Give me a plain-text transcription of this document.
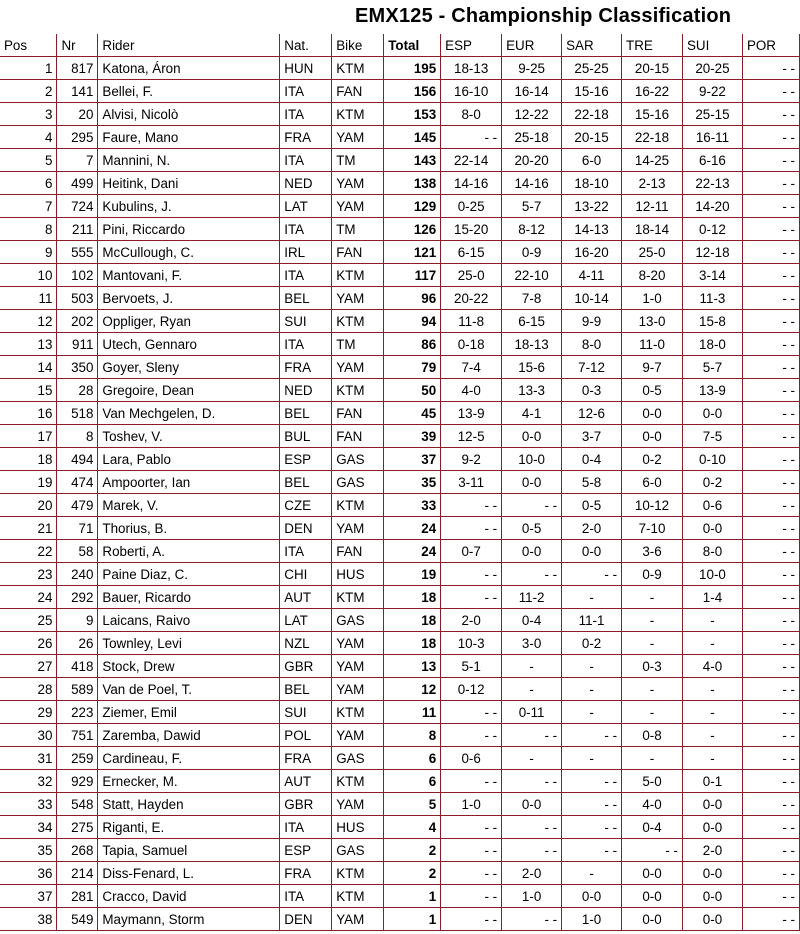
EMX125 - Championship Classification
Pos	Nr	Rider	Nat.	Bike	Total	ESP	EUR	SAR	TRE	SUI	POR
1	817	Katona, Áron	HUN	KTM	195	18-13	9-25	25-25	20-15	20-25	- -
2	141	Bellei, F.	ITA	FAN	156	16-10	16-14	15-16	16-22	9-22	- -
3	20	Alvisi, Nicolò	ITA	KTM	153	8-0	12-22	22-18	15-16	25-15	- -
4	295	Faure, Mano	FRA	YAM	145	- -	25-18	20-15	22-18	16-11	- -
5	7	Mannini, N.	ITA	TM	143	22-14	20-20	6-0	14-25	6-16	- -
6	499	Heitink, Dani	NED	YAM	138	14-16	14-16	18-10	2-13	22-13	- -
7	724	Kubulins, J.	LAT	YAM	129	0-25	5-7	13-22	12-11	14-20	- -
8	211	Pini, Riccardo	ITA	TM	126	15-20	8-12	14-13	18-14	0-12	- -
9	555	McCullough, C.	IRL	FAN	121	6-15	0-9	16-20	25-0	12-18	- -
10	102	Mantovani, F.	ITA	KTM	117	25-0	22-10	4-11	8-20	3-14	- -
11	503	Bervoets, J.	BEL	YAM	96	20-22	7-8	10-14	1-0	11-3	- -
12	202	Oppliger, Ryan	SUI	KTM	94	11-8	6-15	9-9	13-0	15-8	- -
13	911	Utech, Gennaro	ITA	TM	86	0-18	18-13	8-0	11-0	18-0	- -
14	350	Goyer, Sleny	FRA	YAM	79	7-4	15-6	7-12	9-7	5-7	- -
15	28	Gregoire, Dean	NED	KTM	50	4-0	13-3	0-3	0-5	13-9	- -
16	518	Van Mechgelen, D.	BEL	FAN	45	13-9	4-1	12-6	0-0	0-0	- -
17	8	Toshev, V.	BUL	FAN	39	12-5	0-0	3-7	0-0	7-5	- -
18	494	Lara, Pablo	ESP	GAS	37	9-2	10-0	0-4	0-2	0-10	- -
19	474	Ampoorter, Ian	BEL	GAS	35	3-11	0-0	5-8	6-0	0-2	- -
20	479	Marek, V.	CZE	KTM	33	- -	- -	0-5	10-12	0-6	- -
21	71	Thorius, B.	DEN	YAM	24	- -	0-5	2-0	7-10	0-0	- -
22	58	Roberti, A.	ITA	FAN	24	0-7	0-0	0-0	3-6	8-0	- -
23	240	Paine Diaz, C.	CHI	HUS	19	- -	- -	- -	0-9	10-0	- -
24	292	Bauer, Ricardo	AUT	KTM	18	- -	11-2	-	-	1-4	- -
25	9	Laicans, Raivo	LAT	GAS	18	2-0	0-4	11-1	-	-	- -
26	26	Townley, Levi	NZL	YAM	18	10-3	3-0	0-2	-	-	- -
27	418	Stock, Drew	GBR	YAM	13	5-1	-	-	0-3	4-0	- -
28	589	Van de Poel, T.	BEL	YAM	12	0-12	-	-	-	-	- -
29	223	Ziemer, Emil	SUI	KTM	11	- -	0-11	-	-	-	- -
30	751	Zaremba, Dawid	POL	YAM	8	- -	- -	- -	0-8	-	- -
31	259	Cardineau, F.	FRA	GAS	6	0-6	-	-	-	-	- -
32	929	Ernecker, M.	AUT	KTM	6	- -	- -	- -	5-0	0-1	- -
33	548	Statt, Hayden	GBR	YAM	5	1-0	0-0	- -	4-0	0-0	- -
34	275	Riganti, E.	ITA	HUS	4	- -	- -	- -	0-4	0-0	- -
35	268	Tapia, Samuel	ESP	GAS	2	- -	- -	- -	- -	2-0	- -
36	214	Diss-Fenard, L.	FRA	KTM	2	- -	2-0	-	0-0	0-0	- -
37	281	Cracco, David	ITA	KTM	1	- -	1-0	0-0	0-0	0-0	- -
38	549	Maymann, Storm	DEN	YAM	1	- -	- -	1-0	0-0	0-0	- -
